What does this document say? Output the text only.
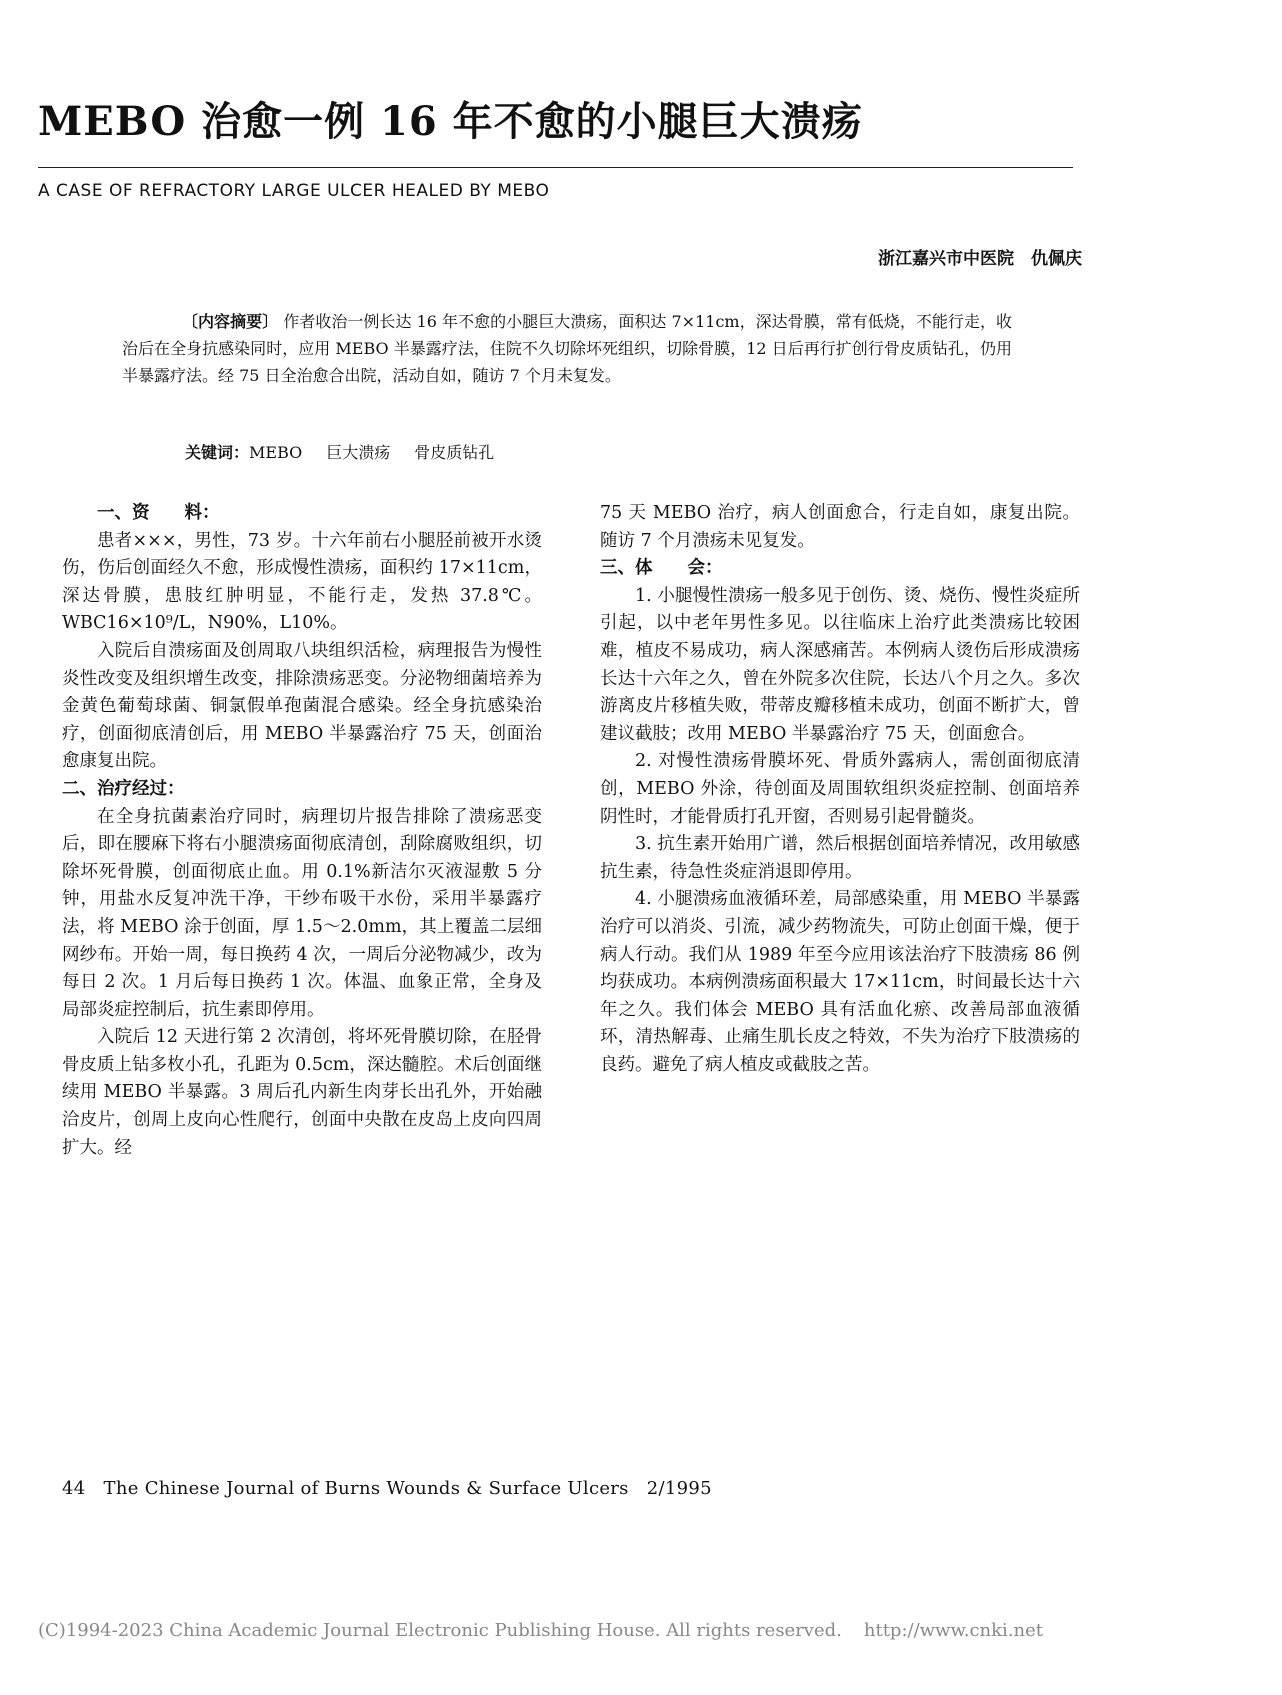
MEBO 治愈一例 16 年不愈的小腿巨大溃疡
A CASE OF REFRACTORY LARGE ULCER HEALED BY MEBO
浙江嘉兴市中医院　仇佩庆

〔内容摘要〕 作者收治一例长达 16 年不愈的小腿巨大溃疡，面积达 7×11cm，深达骨膜，常有低烧，不能行走，收治后在全身抗感染同时，应用 MEBO 半暴露疗法，住院不久切除坏死组织，切除骨膜，12 日后再行扩创行骨皮质钻孔，仍用半暴露疗法。经 75 日全治愈合出院，活动自如，随访 7 个月未复发。

关键词：MEBO 巨大溃疡 骨皮质钻孔
一、资　　料：

患者×××，男性，73 岁。十六年前右小腿胫前被开水烫伤，伤后创面经久不愈，形成慢性溃疡，面积约 17×11cm，深达骨膜，患肢红肿明显，不能行走，发热 37.8℃。WBC16×10⁹/L，N90%，L10%。

入院后自溃疡面及创周取八块组织活检，病理报告为慢性炎性改变及组织增生改变，排除溃疡恶变。分泌物细菌培养为金黄色葡萄球菌、铜氯假单孢菌混合感染。经全身抗感染治疗，创面彻底清创后，用 MEBO 半暴露治疗 75 天，创面治愈康复出院。

二、治疗经过：

在全身抗菌素治疗同时，病理切片报告排除了溃疡恶变后，即在腰麻下将右小腿溃疡面彻底清创，刮除腐败组织，切除坏死骨膜，创面彻底止血。用 0.1%新洁尔灭液湿敷 5 分钟，用盐水反复冲洗干净，干纱布吸干水份，采用半暴露疗法，将 MEBO 涂于创面，厚 1.5～2.0mm，其上覆盖二层细网纱布。开始一周，每日换药 4 次，一周后分泌物减少，改为每日 2 次。1 月后每日换药 1 次。体温、血象正常，全身及局部炎症控制后，抗生素即停用。

入院后 12 天进行第 2 次清创，将坏死骨膜切除，在胫骨骨皮质上钻多枚小孔，孔距为 0.5cm，深达髓腔。术后创面继续用 MEBO 半暴露。3 周后孔内新生肉芽长出孔外，开始融洽皮片，创周上皮向心性爬行，创面中央散在皮岛上皮向四周扩大。经

75 天 MEBO 治疗，病人创面愈合，行走自如，康复出院。随访 7 个月溃疡未见复发。

三、体　　会：

1. 小腿慢性溃疡一般多见于创伤、烫、烧伤、慢性炎症所引起，以中老年男性多见。以往临床上治疗此类溃疡比较困难，植皮不易成功，病人深感痛苦。本例病人烫伤后形成溃疡长达十六年之久，曾在外院多次住院，长达八个月之久。多次游离皮片移植失败，带蒂皮瓣移植未成功，创面不断扩大，曾建议截肢；改用 MEBO 半暴露治疗 75 天，创面愈合。

2. 对慢性溃疡骨膜坏死、骨质外露病人，需创面彻底清创，MEBO 外涂，待创面及周围软组织炎症控制、创面培养阴性时，才能骨质打孔开窗，否则易引起骨髓炎。

3. 抗生素开始用广谱，然后根据创面培养情况，改用敏感抗生素，待急性炎症消退即停用。

4. 小腿溃疡血液循环差，局部感染重，用 MEBO 半暴露治疗可以消炎、引流，减少药物流失，可防止创面干燥，便于病人行动。我们从 1989 年至今应用该法治疗下肢溃疡 86 例均获成功。本病例溃疡面积最大 17×11cm，时间最长达十六年之久。我们体会 MEBO 具有活血化瘀、改善局部血液循环，清热解毒、止痛生肌长皮之特效，不失为治疗下肢溃疡的良药。避免了病人植皮或截肢之苦。

44 The Chinese Journal of Burns Wounds & Surface Ulcers 2/1995
(C)1994-2023 China Academic Journal Electronic Publishing House. All rights reserved. http://www.cnki.net
